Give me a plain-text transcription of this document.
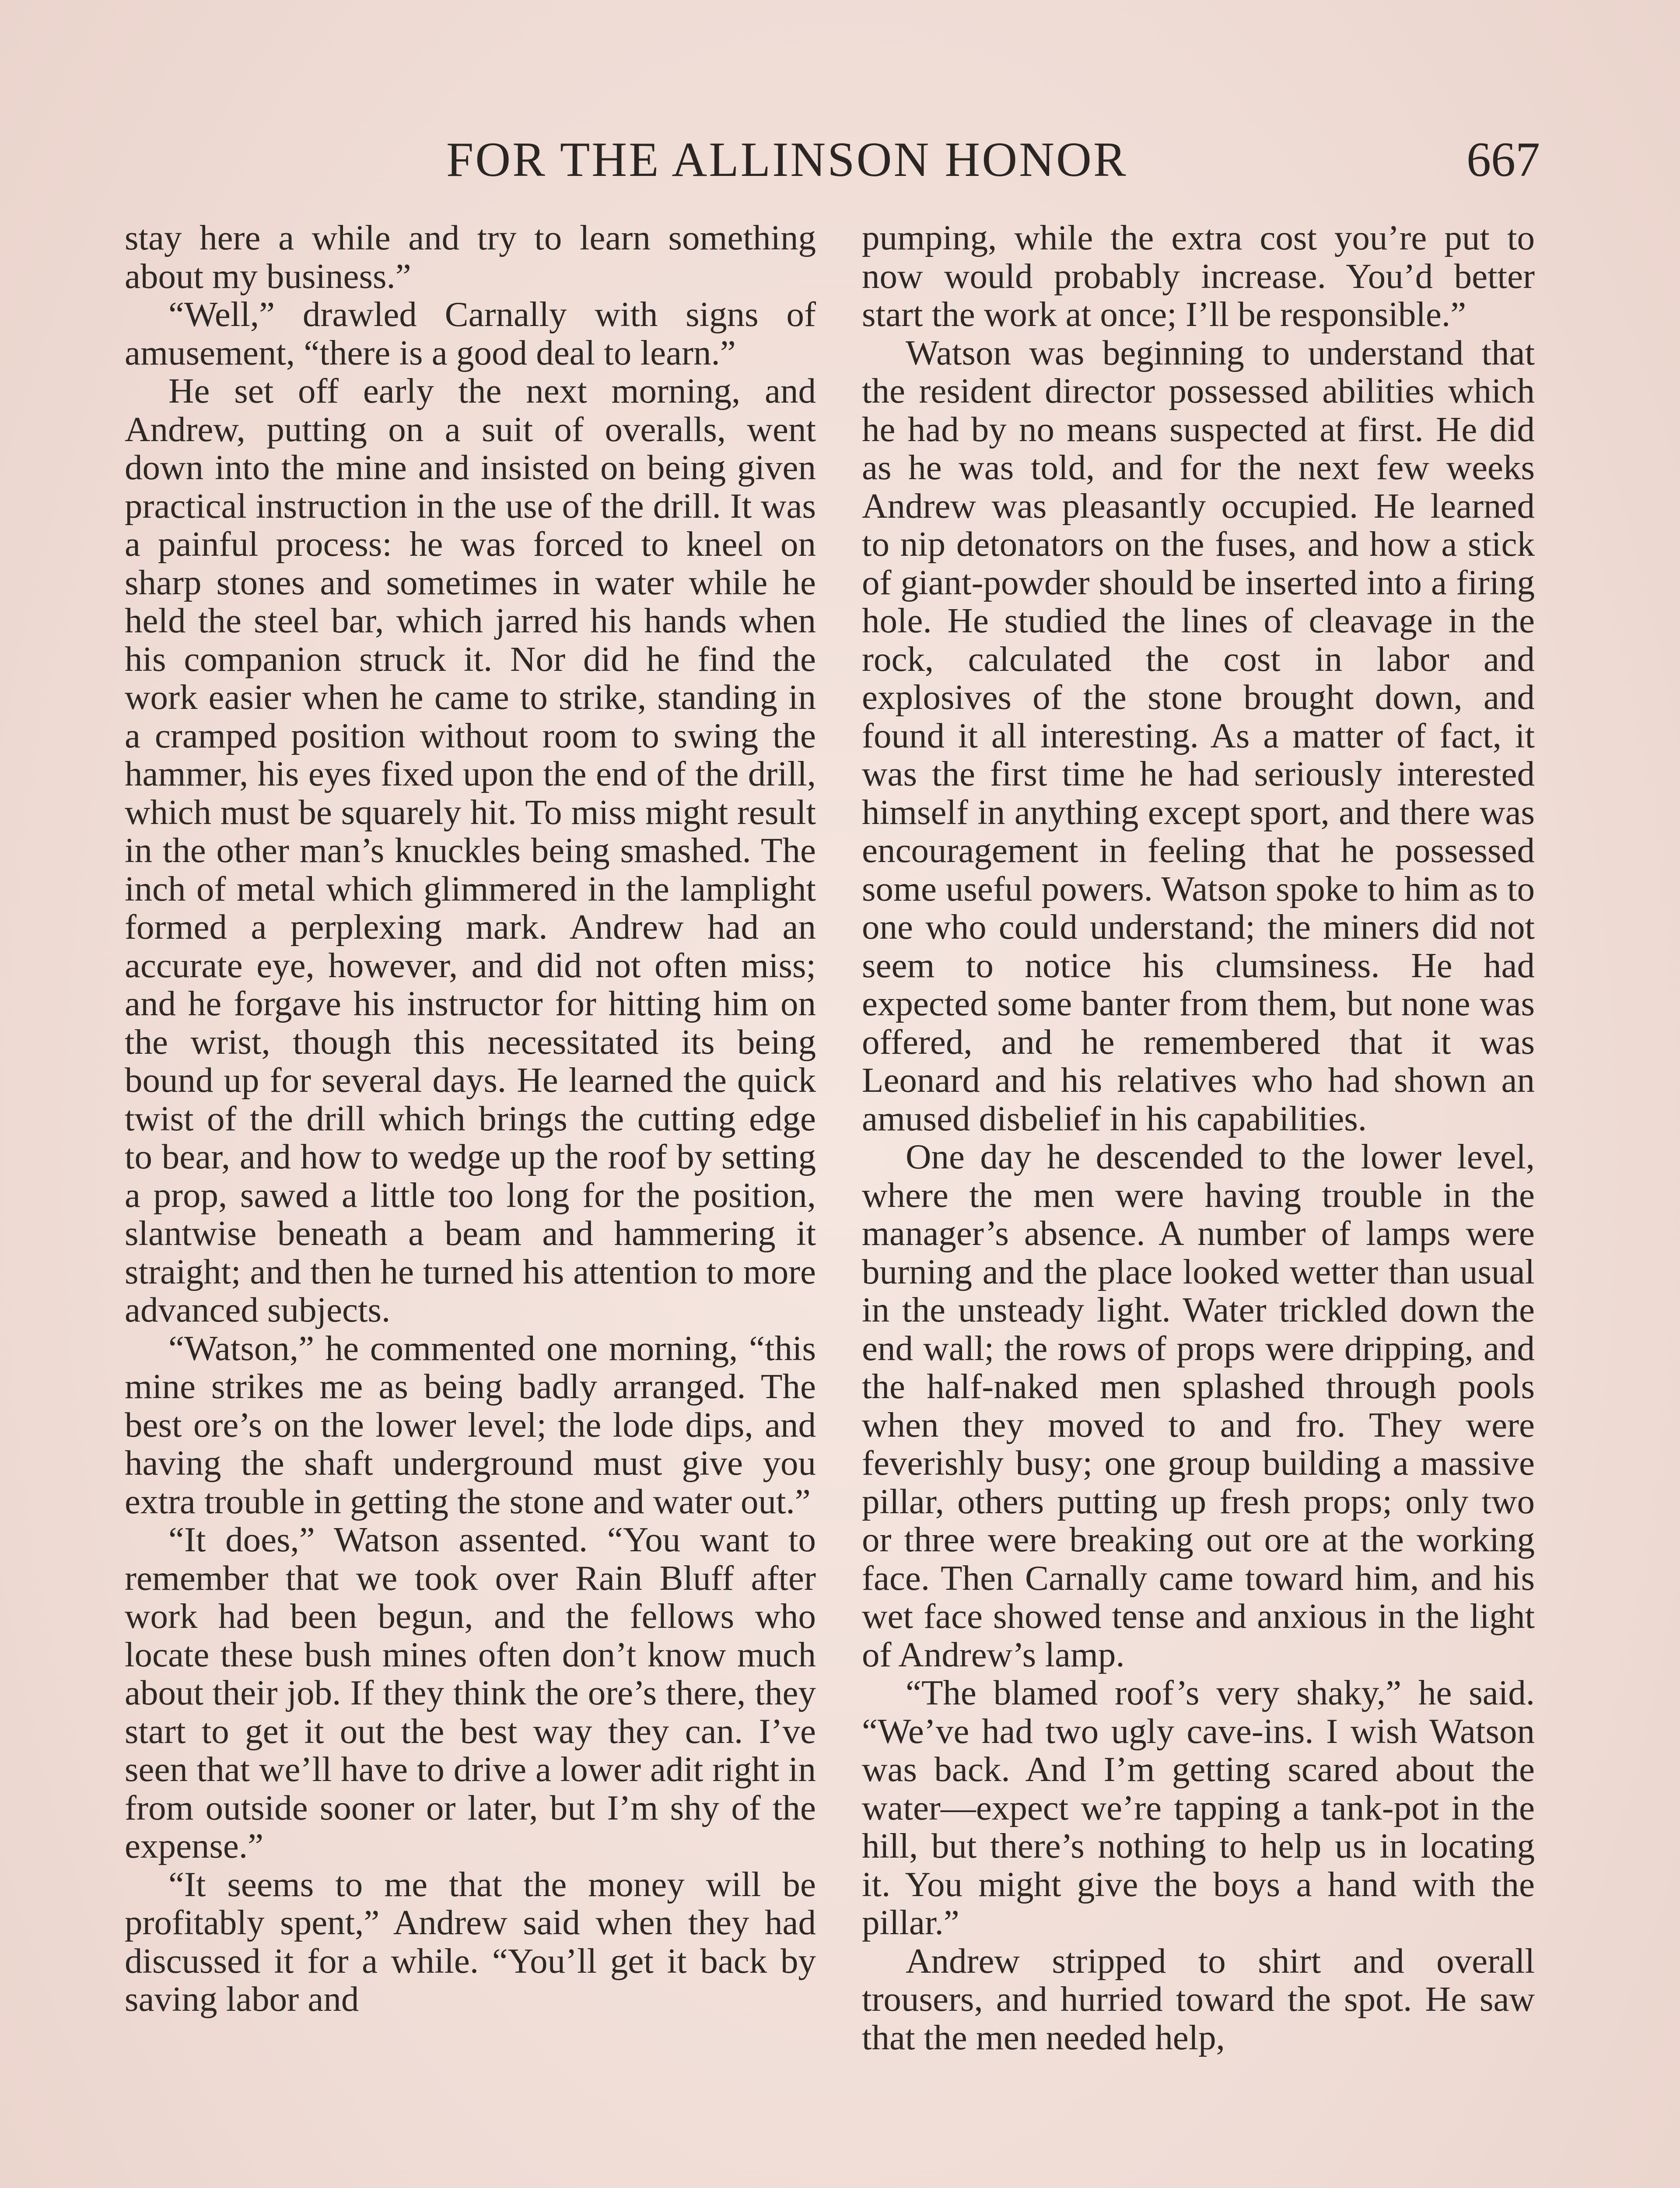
FOR THE ALLINSON HONOR	667

stay here a while and try to learn something about my business.”

“Well,” drawled Carnally with signs of amusement, “there is a good deal to learn.”

He set off early the next morning, and Andrew, putting on a suit of overalls, went down into the mine and insisted on being given practical instruction in the use of the drill. It was a painful process: he was forced to kneel on sharp stones and sometimes in water while he held the steel bar, which jarred his hands when his companion struck it. Nor did he find the work easier when he came to strike, standing in a cramped position without room to swing the hammer, his eyes fixed upon the end of the drill, which must be squarely hit. To miss might result in the other man’s knuckles being smashed. The inch of metal which glimmered in the lamplight formed a perplexing mark. Andrew had an accurate eye, however, and did not often miss; and he forgave his instructor for hitting him on the wrist, though this necessitated its being bound up for several days. He learned the quick twist of the drill which brings the cutting edge to bear, and how to wedge up the roof by setting a prop, sawed a little too long for the position, slantwise beneath a beam and hammering it straight; and then he turned his attention to more advanced subjects.

“Watson,” he commented one morning, “this mine strikes me as being badly arranged. The best ore’s on the lower level; the lode dips, and having the shaft underground must give you extra trouble in getting the stone and water out.”

“It does,” Watson assented. “You want to remember that we took over Rain Bluff after work had been begun, and the fellows who locate these bush mines often don’t know much about their job. If they think the ore’s there, they start to get it out the best way they can. I’ve seen that we’ll have to drive a lower adit right in from outside sooner or later, but I’m shy of the expense.”

“It seems to me that the money will be profitably spent,” Andrew said when they had discussed it for a while. “You’ll get it back by saving labor and

pumping, while the extra cost you’re put to now would probably increase. You’d better start the work at once; I’ll be responsible.”

Watson was beginning to understand that the resident director possessed abilities which he had by no means suspected at first. He did as he was told, and for the next few weeks Andrew was pleasantly occupied. He learned to nip detonators on the fuses, and how a stick of giant-powder should be inserted into a firing hole. He studied the lines of cleavage in the rock, calculated the cost in labor and explosives of the stone brought down, and found it all interesting. As a matter of fact, it was the first time he had seriously interested himself in anything except sport, and there was encouragement in feeling that he possessed some useful powers. Watson spoke to him as to one who could understand; the miners did not seem to notice his clumsiness. He had expected some banter from them, but none was offered, and he remembered that it was Leonard and his relatives who had shown an amused disbelief in his capabilities.

One day he descended to the lower level, where the men were having trouble in the manager’s absence. A number of lamps were burning and the place looked wetter than usual in the unsteady light. Water trickled down the end wall; the rows of props were dripping, and the half-naked men splashed through pools when they moved to and fro. They were feverishly busy; one group building a massive pillar, others putting up fresh props; only two or three were breaking out ore at the working face. Then Carnally came toward him, and his wet face showed tense and anxious in the light of Andrew’s lamp.

“The blamed roof’s very shaky,” he said. “We’ve had two ugly cave-ins. I wish Watson was back. And I’m getting scared about the water—expect we’re tapping a tank-pot in the hill, but there’s nothing to help us in locating it. You might give the boys a hand with the pillar.”

Andrew stripped to shirt and overall trousers, and hurried toward the spot. He saw that the men needed help,
